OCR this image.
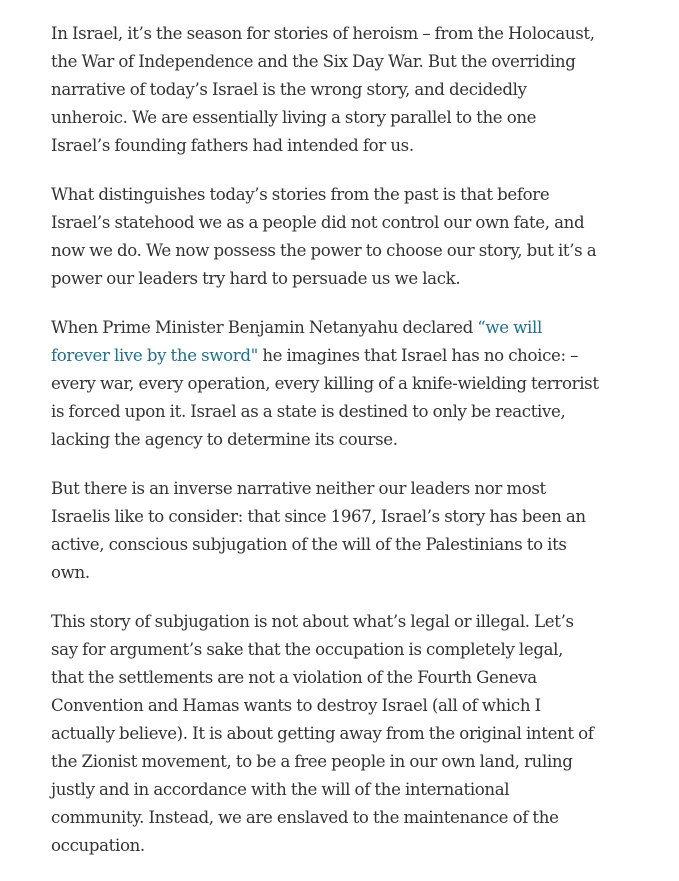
In Israel, it’s the season for stories of heroism – from the Holocaust, the War of Independence and the Six Day War. But the overriding narrative of today’s Israel is the wrong story, and decidedly unheroic. We are essentially living a story parallel to the one Israel’s founding fathers had intended for us.

What distinguishes today’s stories from the past is that before Israel’s statehood we as a people did not control our own fate, and now we do. We now possess the power to choose our story, but it’s a power our leaders try hard to persuade us we lack.

When Prime Minister Benjamin Netanyahu declared “we will forever live by the sword" he imagines that Israel has no choice: – every war, every operation, every killing of a knife-wielding terrorist is forced upon it. Israel as a state is destined to only be reactive, lacking the agency to determine its course.

But there is an inverse narrative neither our leaders nor most Israelis like to consider: that since 1967, Israel’s story has been an active, conscious subjugation of the will of the Palestinians to its own.

This story of subjugation is not about what’s legal or illegal. Let’s say for argument’s sake that the occupation is completely legal, that the settlements are not a violation of the Fourth Geneva Convention and Hamas wants to destroy Israel (all of which I actually believe). It is about getting away from the original intent of the Zionist movement, to be a free people in our own land, ruling justly and in accordance with the will of the international community. Instead, we are enslaved to the maintenance of the occupation.
